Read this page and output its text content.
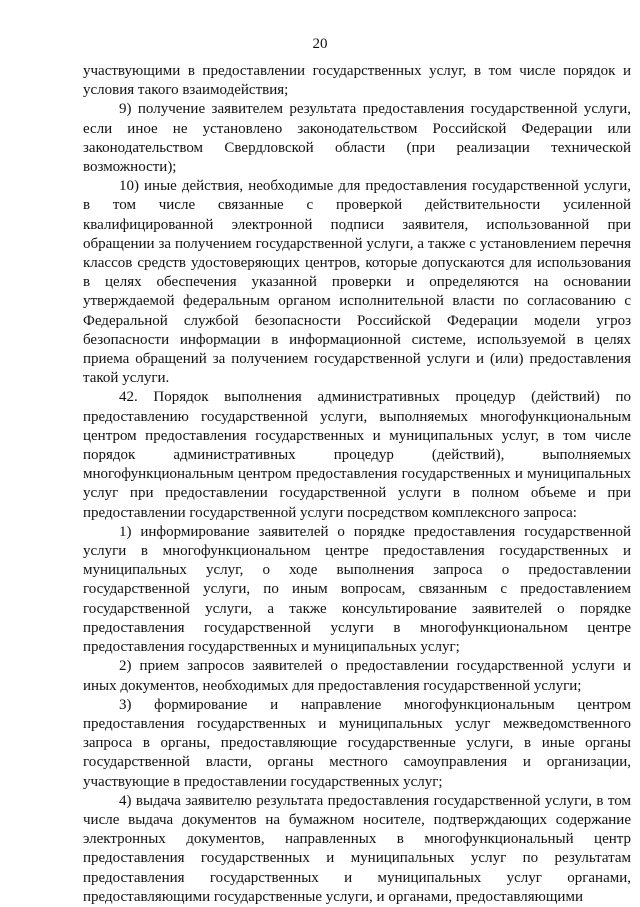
20

участвующими в предоставлении государственных услуг, в том числе порядок и условия такого взаимодействия;

9) получение заявителем результата предоставления государственной услуги, если иное не установлено законодательством Российской Федерации или законодательством Свердловской области (при реализации технической возможности);

10) иные действия, необходимые для предоставления государственной услуги, в том числе связанные с проверкой действительности усиленной квалифицированной электронной подписи заявителя, использованной при обращении за получением государственной услуги, а также с установлением перечня классов средств удостоверяющих центров, которые допускаются для использования в целях обеспечения указанной проверки и определяются на основании утверждаемой федеральным органом исполнительной власти по согласованию с Федеральной службой безопасности Российской Федерации модели угроз безопасности информации в информационной системе, используемой в целях приема обращений за получением государственной услуги и (или) предоставления такой услуги.

42. Порядок выполнения административных процедур (действий) по предоставлению государственной услуги, выполняемых многофункциональным центром предоставления государственных и муниципальных услуг, в том числе порядок административных процедур (действий), выполняемых многофункциональным центром предоставления государственных и муниципальных услуг при предоставлении государственной услуги в полном объеме и при предоставлении государственной услуги посредством комплексного запроса:

1) информирование заявителей о порядке предоставления государственной услуги в многофункциональном центре предоставления государственных и муниципальных услуг, о ходе выполнения запроса о предоставлении государственной услуги, по иным вопросам, связанным с предоставлением государственной услуги, а также консультирование заявителей о порядке предоставления государственной услуги в многофункциональном центре предоставления государственных и муниципальных услуг;

2) прием запросов заявителей о предоставлении государственной услуги и иных документов, необходимых для предоставления государственной услуги;

3) формирование и направление многофункциональным центром предоставления государственных и муниципальных услуг межведомственного запроса в органы, предоставляющие государственные услуги, в иные органы государственной власти, органы местного самоуправления и организации, участвующие в предоставлении государственных услуг;

4) выдача заявителю результата предоставления государственной услуги, в том числе выдача документов на бумажном носителе, подтверждающих содержание электронных документов, направленных в многофункциональный центр предоставления государственных и муниципальных услуг по результатам предоставления государственных и муниципальных услуг органами, предоставляющими государственные услуги, и органами, предоставляющими
